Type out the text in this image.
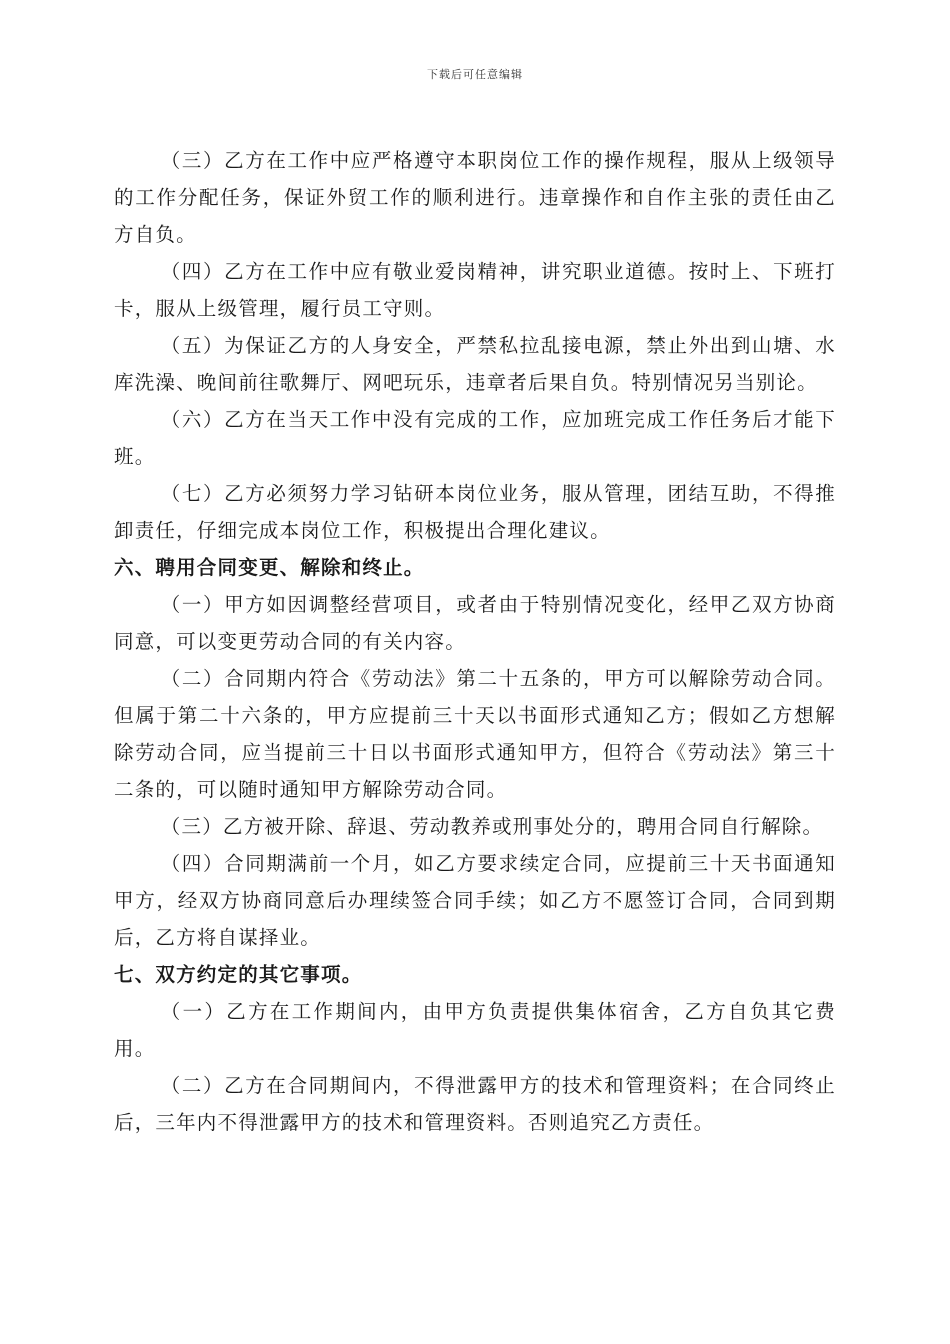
下载后可任意编辑

（三）乙方在工作中应严格遵守本职岗位工作的操作规程，服从上级领导的工作分配任务，保证外贸工作的顺利进行。违章操作和自作主张的责任由乙方自负。

（四）乙方在工作中应有敬业爱岗精神，讲究职业道德。按时上、下班打卡，服从上级管理，履行员工守则。

（五）为保证乙方的人身安全，严禁私拉乱接电源，禁止外出到山塘、水库洗澡、晚间前往歌舞厅、网吧玩乐，违章者后果自负。特别情况另当别论。

（六）乙方在当天工作中没有完成的工作，应加班完成工作任务后才能下班。

（七）乙方必须努力学习钻研本岗位业务，服从管理，团结互助，不得推卸责任，仔细完成本岗位工作，积极提出合理化建议。

六、聘用合同变更、解除和终止。

（一）甲方如因调整经营项目，或者由于特别情况变化，经甲乙双方协商同意，可以变更劳动合同的有关内容。

（二）合同期内符合《劳动法》第二十五条的，甲方可以解除劳动合同。但属于第二十六条的，甲方应提前三十天以书面形式通知乙方；假如乙方想解除劳动合同，应当提前三十日以书面形式通知甲方，但符合《劳动法》第三十二条的，可以随时通知甲方解除劳动合同。

（三）乙方被开除、辞退、劳动教养或刑事处分的，聘用合同自行解除。

（四）合同期满前一个月，如乙方要求续定合同，应提前三十天书面通知甲方，经双方协商同意后办理续签合同手续；如乙方不愿签订合同，合同到期后，乙方将自谋择业。

七、双方约定的其它事项。

（一）乙方在工作期间内，由甲方负责提供集体宿舍，乙方自负其它费用。

（二）乙方在合同期间内，不得泄露甲方的技术和管理资料；在合同终止后，三年内不得泄露甲方的技术和管理资料。否则追究乙方责任。
